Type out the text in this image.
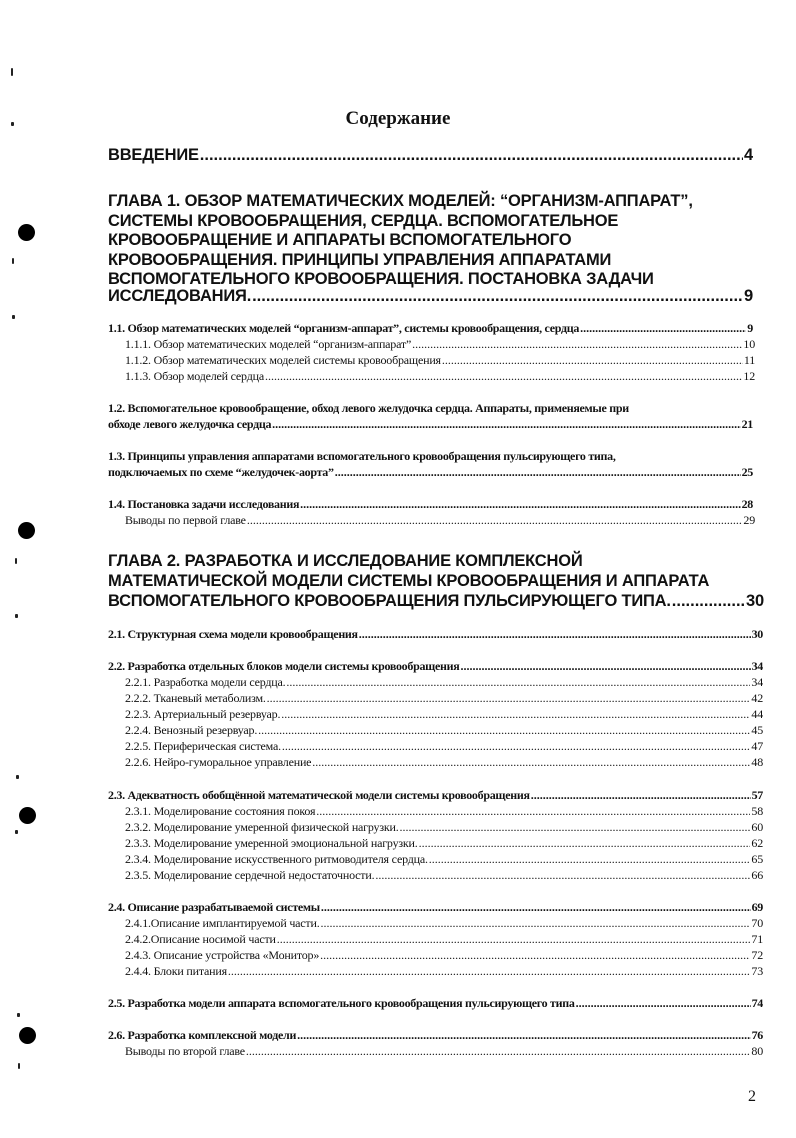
Содержание
ВВЕДЕНИЕ .....	4
ГЛАВА 1. ОБЗОР МАТЕМАТИЧЕСКИХ МОДЕЛЕЙ: “ОРГАНИЗМ-АППАРАТ”,
СИСТЕМЫ КРОВООБРАЩЕНИЯ, СЕРДЦА. ВСПОМОГАТЕЛЬНОЕ
КРОВООБРАЩЕНИЕ И АППАРАТЫ ВСПОМОГАТЕЛЬНОГО
КРОВООБРАЩЕНИЯ. ПРИНЦИПЫ УПРАВЛЕНИЯ АППАРАТАМИ
ВСПОМОГАТЕЛЬНОГО КРОВООБРАЩЕНИЯ. ПОСТАНОВКА ЗАДАЧИ
ИССЛЕДОВАНИЯ. .....	9
1.1. Обзор математических моделей “организм-аппарат”, системы кровообращения, сердца .....	9
1.1.1. Обзор математических моделей “организм-аппарат” .....	10
1.1.2. Обзор математических моделей системы кровообращения .....	11
1.1.3. Обзор моделей сердца .....	12
1.2. Вспомогательное кровообращение, обход левого желудочка сердца. Аппараты, применяемые при
обходе левого желудочка сердца .....	21
1.3. Принципы управления аппаратами вспомогательного кровообращения пульсирующего типа,
подключаемых по схеме “желудочек-аорта” .....	25
1.4. Постановка задачи исследования .....	28
Выводы по первой главе .....	29
ГЛАВА 2. РАЗРАБОТКА И ИССЛЕДОВАНИЕ КОМПЛЕКСНОЙ
МАТЕМАТИЧЕСКОЙ МОДЕЛИ СИСТЕМЫ КРОВООБРАЩЕНИЯ И АППАРАТА
ВСПОМОГАТЕЛЬНОГО КРОВООБРАЩЕНИЯ ПУЛЬСИРУЮЩЕГО ТИПА. .....	30
2.1. Структурная схема модели кровообращения .....	30
2.2. Разработка отдельных блоков модели системы кровообращения .....	34
2.2.1. Разработка модели сердца. .....	34
2.2.2. Тканевый метаболизм. .....	42
2.2.3. Артериальный резервуар. .....	44
2.2.4. Венозный резервуар. .....	45
2.2.5. Периферическая система. .....	47
2.2.6. Нейро-гуморальное управление .....	48
2.3. Адекватность обобщённой математической модели системы кровообращения .....	57
2.3.1. Моделирование состояния покоя .....	58
2.3.2. Моделирование умеренной физической нагрузки. .....	60
2.3.3. Моделирование умеренной эмоциональной нагрузки. .....	62
2.3.4. Моделирование искусственного ритмоводителя сердца. .....	65
2.3.5. Моделирование сердечной недостаточности. .....	66
2.4. Описание разрабатываемой системы .....	69
2.4.1.Описание имплантируемой части. .....	70
2.4.2.Описание носимой части .....	71
2.4.3. Описание устройства «Монитор» .....	72
2.4.4. Блоки питания .....	73
2.5. Разработка модели аппарата вспомогательного кровообращения пульсирующего типа .....	74
2.6. Разработка комплексной модели .....	76
Выводы по второй главе .....	80
2
